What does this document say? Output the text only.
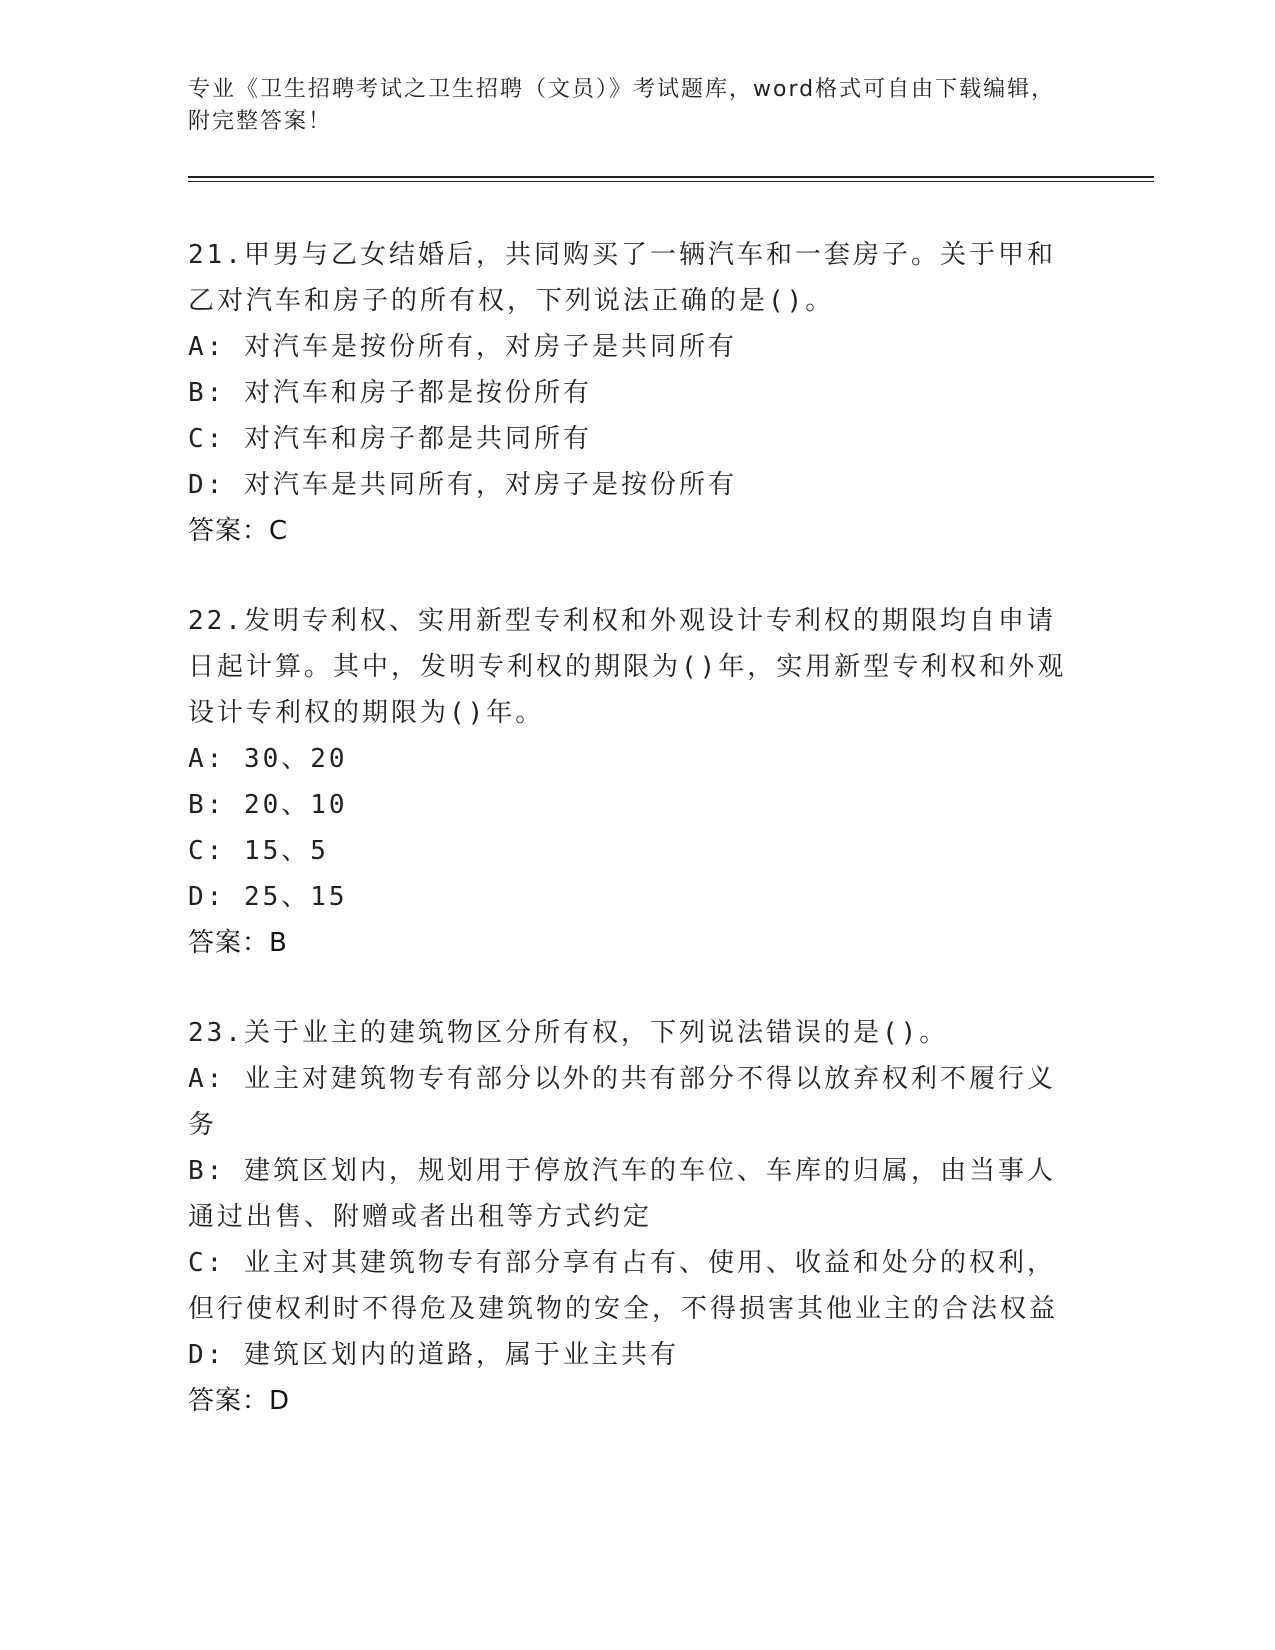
专业《卫生招聘考试之卫生招聘（文员）》考试题库，word格式可自由下载编辑，附完整答案！
21.甲男与乙女结婚后，共同购买了一辆汽车和一套房子。关于甲和乙对汽车和房子的所有权，下列说法正确的是()。
A: 对汽车是按份所有，对房子是共同所有
B: 对汽车和房子都是按份所有
C: 对汽车和房子都是共同所有
D: 对汽车是共同所有，对房子是按份所有
答案：C
22.发明专利权、实用新型专利权和外观设计专利权的期限均自申请日起计算。其中，发明专利权的期限为()年，实用新型专利权和外观设计专利权的期限为()年。
A: 30、20
B: 20、10
C: 15、5
D: 25、15
答案：B
23.关于业主的建筑物区分所有权，下列说法错误的是()。
A: 业主对建筑物专有部分以外的共有部分不得以放弃权利不履行义务
B: 建筑区划内，规划用于停放汽车的车位、车库的归属，由当事人通过出售、附赠或者出租等方式约定
C: 业主对其建筑物专有部分享有占有、使用、收益和处分的权利，但行使权利时不得危及建筑物的安全，不得损害其他业主的合法权益
D: 建筑区划内的道路，属于业主共有
答案：D
